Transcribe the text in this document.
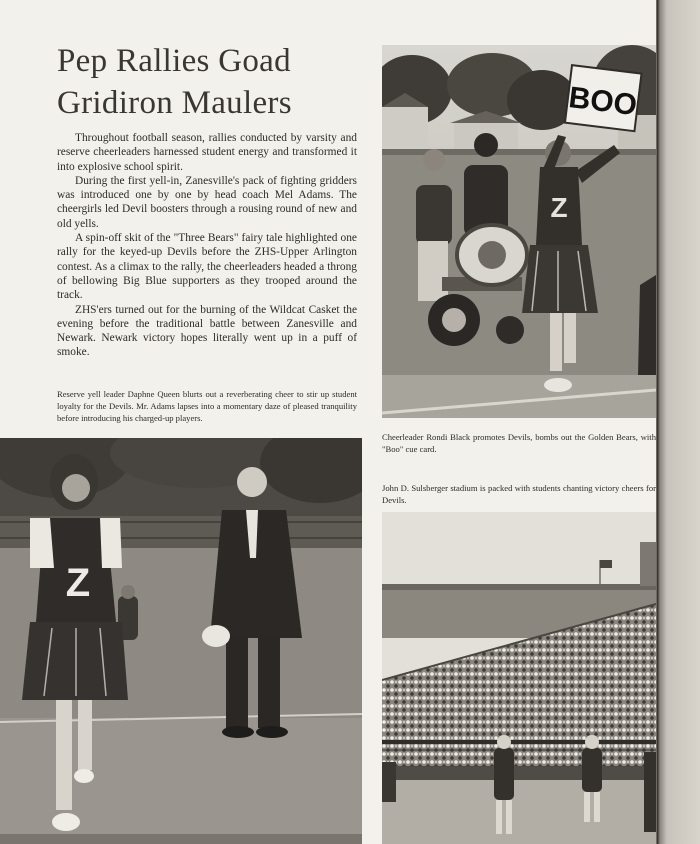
Pep Rallies Goad Gridiron Maulers

Throughout football season, rallies conducted by varsity and reserve cheerleaders harnessed student energy and transformed it into explosive school spirit.

During the first yell-in, Zanesville's pack of fighting gridders was introduced one by one by head coach Mel Adams. The cheergirls led Devil boosters through a rousing round of new and old yells.

A spin-off skit of the "Three Bears" fairy tale highlighted one rally for the keyed-up Devils before the ZHS-Upper Arlington contest. As a climax to the rally, the cheerleaders headed a throng of bellowing Big Blue supporters as they trooped around the track.

ZHS'ers turned out for the burning of the Wildcat Casket the evening before the traditional battle between Zanesville and Newark. Newark victory hopes literally went up in a puff of smoke.

Reserve yell leader Daphne Queen blurts out a reverberating cheer to stir up student loyalty for the Devils. Mr. Adams lapses into a momentary daze of pleased tranquility before introducing his charged-up players.
Z
BOO
Cheerleader Rondi Black promotes Devils, bombs out the Golden Bears, with "Boo" cue card.
John D. Sulsberger stadium is packed with students chanting victory cheers for Devils.
Z
